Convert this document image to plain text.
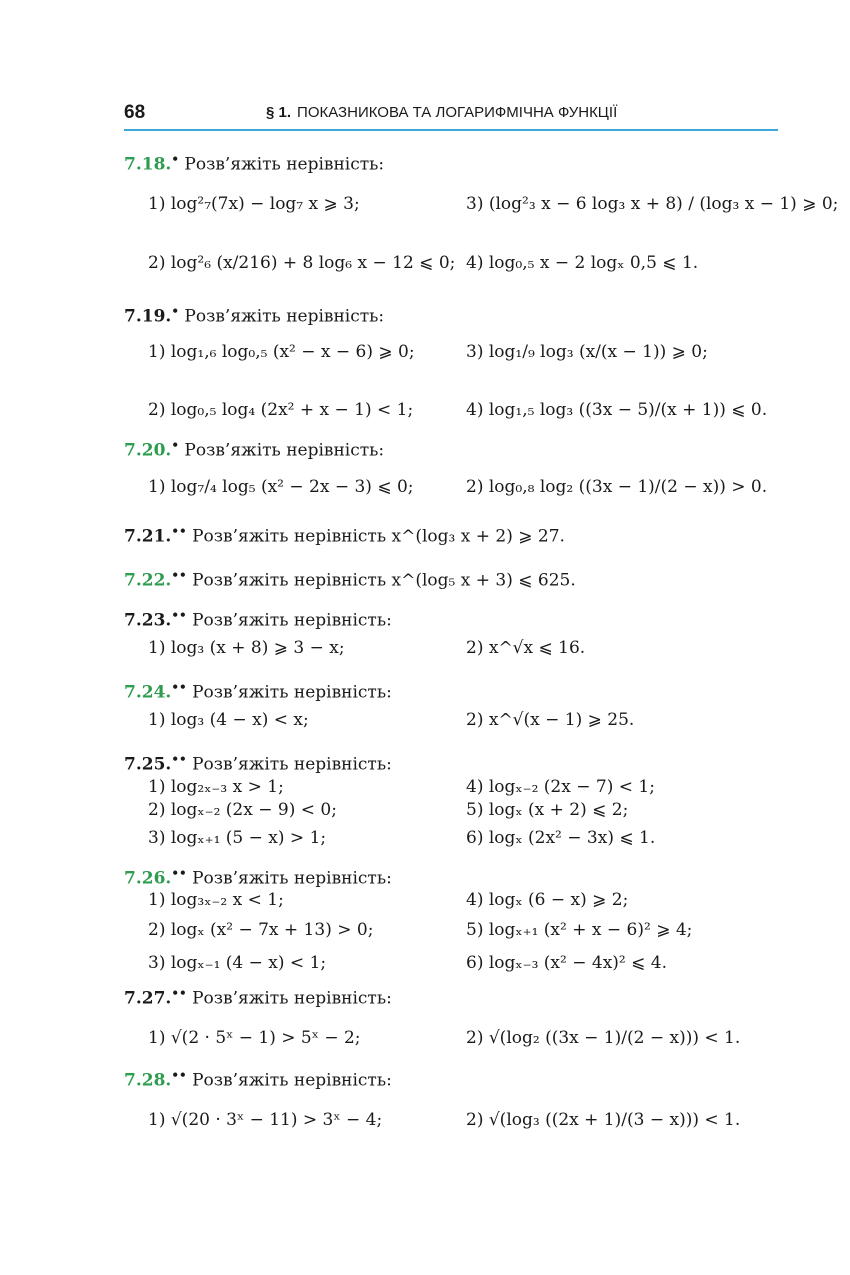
68	§ 1. ПОКАЗНИКОВА ТА ЛОГАРИФМІЧНА ФУНКЦІЇ
7.18.• Розв’яжіть нерівність:
1) log²₇(7x) − log₇ x ⩾ 3;	3) (log²₃ x − 6 log₃ x + 8) / (log₃ x − 1) ⩾ 0;
2) log²₆ (x/216) + 8 log₆ x − 12 ⩽ 0; 4) log₀,₅ x − 2 logₓ 0,5 ⩽ 1.
7.19.• Розв’яжіть нерівність:
1) log₁,₆ log₀,₅ (x² − x − 6) ⩾ 0;	3) log₁/₉ log₃ (x/(x − 1)) ⩾ 0;
2) log₀,₅ log₄ (2x² + x − 1) < 1;	4) log₁,₅ log₃ ((3x − 5)/(x + 1)) ⩽ 0.
7.20.• Розв’яжіть нерівність:
1) log₇/₄ log₅ (x² − 2x − 3) ⩽ 0;	2) log₀,₈ log₂ ((3x − 1)/(2 − x)) > 0.
7.21.•• Розв’яжіть нерівність x^(log₃ x + 2) ⩾ 27.
7.22.•• Розв’яжіть нерівність x^(log₅ x + 3) ⩽ 625.
7.23.•• Розв’яжіть нерівність:
1) log₃ (x + 8) ⩾ 3 − x;	2) x^√x ⩽ 16.
7.24.•• Розв’яжіть нерівність:
1) log₃ (4 − x) < x;	2) x^√(x − 1) ⩾ 25.
7.25.•• Розв’яжіть нерівність:
1) log₂ₓ₋₃ x > 1;	4) logₓ₋₂ (2x − 7) < 1;
2) logₓ₋₂ (2x − 9) < 0;	5) logₓ (x + 2) ⩽ 2;
3) logₓ₊₁ (5 − x) > 1;	6) logₓ (2x² − 3x) ⩽ 1.
7.26.•• Розв’яжіть нерівність:
1) log₃ₓ₋₂ x < 1;	4) logₓ (6 − x) ⩾ 2;
2) logₓ (x² − 7x + 13) > 0;	5) logₓ₊₁ (x² + x − 6)² ⩾ 4;
3) logₓ₋₁ (4 − x) < 1;	6) logₓ₋₃ (x² − 4x)² ⩽ 4.
7.27.•• Розв’яжіть нерівність:
1) √(2 · 5ˣ − 1) > 5ˣ − 2;	2) √(log₂ ((3x − 1)/(2 − x))) < 1.
7.28.•• Розв’яжіть нерівність:
1) √(20 · 3ˣ − 11) > 3ˣ − 4;	2) √(log₃ ((2x + 1)/(3 − x))) < 1.
